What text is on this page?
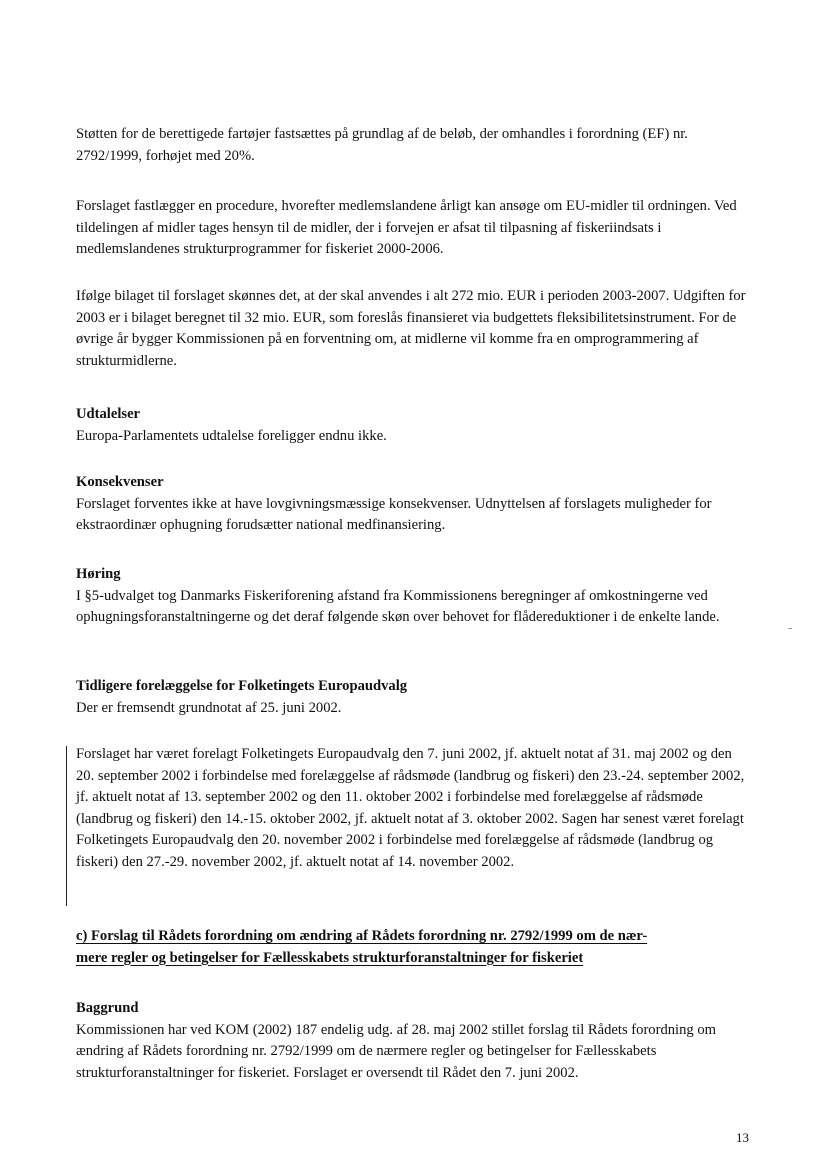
Støtten for de berettigede fartøjer fastsættes på grundlag af de beløb, der omhandles i forordning (EF) nr. 2792/1999, forhøjet med 20%.

Forslaget fastlægger en procedure, hvorefter medlemslandene årligt kan ansøge om EU-midler til ordningen. Ved tildelingen af midler tages hensyn til de midler, der i forvejen er afsat til tilpasning af fiskeriindsats i medlemslandenes strukturprogrammer for fiskeriet 2000-2006.

Ifølge bilaget til forslaget skønnes det, at der skal anvendes i alt 272 mio. EUR i perioden 2003-2007. Udgiften for 2003 er i bilaget beregnet til 32 mio. EUR, som foreslås finansieret via budgettets fleksibilitetsinstrument. For de øvrige år bygger Kommissionen på en forventning om, at midlerne vil komme fra en omprogrammering af strukturmidlerne.

Udtalelser

Europa-Parlamentets udtalelse foreligger endnu ikke.

Konsekvenser

Forslaget forventes ikke at have lovgivningsmæssige konsekvenser. Udnyttelsen af forslagets muligheder for ekstraordinær ophugning forudsætter national medfinansiering.

Høring

I §5-udvalget tog Danmarks Fiskeriforening afstand fra Kommissionens beregninger af omkostningerne ved ophugningsforanstaltningerne og det deraf følgende skøn over behovet for flådereduktioner i de enkelte lande.

Tidligere forelæggelse for Folketingets Europaudvalg

Der er fremsendt grundnotat af 25. juni 2002.

Forslaget har været forelagt Folketingets Europaudvalg den 7. juni 2002, jf. aktuelt notat af 31. maj 2002 og den 20. september 2002 i forbindelse med forelæggelse af rådsmøde (landbrug og fiskeri) den 23.-24. september 2002, jf. aktuelt notat af 13. september 2002 og den 11. oktober 2002 i forbindelse med forelæggelse af rådsmøde (landbrug og fiskeri) den 14.-15. oktober 2002, jf. aktuelt notat af 3. oktober 2002. Sagen har senest været forelagt Folketingets Europaudvalg den 20. november 2002 i forbindelse med forelæggelse af rådsmøde (landbrug og fiskeri) den 27.-29. november 2002, jf. aktuelt notat af 14. november 2002.

c) Forslag til Rådets forordning om ændring af Rådets forordning nr. 2792/1999 om de nær-
mere regler og betingelser for Fællesskabets strukturforanstaltninger for fiskeriet

Baggrund

Kommissionen har ved KOM (2002) 187 endelig udg. af 28. maj 2002 stillet forslag til Rådets forordning om ændring af Rådets forordning nr. 2792/1999 om de nærmere regler og betingelser for Fællesskabets strukturforanstaltninger for fiskeriet. Forslaget er oversendt til Rådet den 7. juni 2002.

13
